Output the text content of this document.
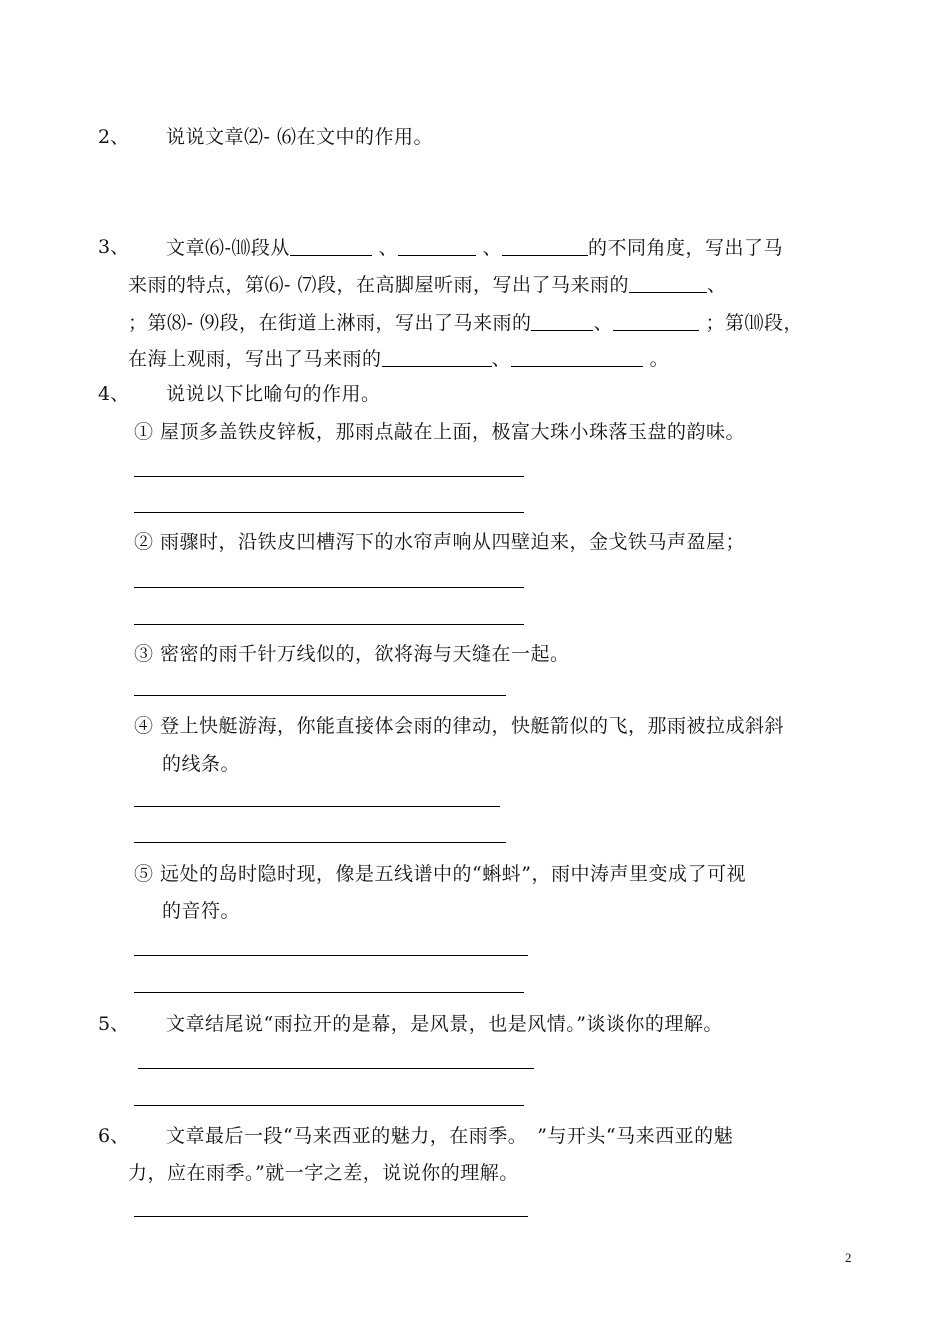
2、 说说文章⑵- ⑹在文中的作用。
3、 文章⑹-⑽段从	、	、	的不同角度，写出了马
来雨的特点，第⑹- ⑺段，在高脚屋听雨，写出了马来雨的	、
；第⑻- ⑼段，在街道上淋雨，写出了马来雨的	、	；第⑽段，
在海上观雨，写出了马来雨的	、	。
4、 说说以下比喻句的作用。
① 屋顶多盖铁皮锌板，那雨点敲在上面，极富大珠小珠落玉盘的韵味。
② 雨骤时，沿铁皮凹槽泻下的水帘声响从四壁迫来，金戈铁马声盈屋；
③ 密密的雨千针万线似的，欲将海与天缝在一起。
④ 登上快艇游海，你能直接体会雨的律动，快艇箭似的飞，那雨被拉成斜斜
的线条。
⑤ 远处的岛时隐时现，像是五线谱中的“蝌蚪”，雨中涛声里变成了可视
的音符。
5、 文章结尾说“雨拉开的是幕，是风景，也是风情。”谈谈你的理解。
6、 文章最后一段“马来西亚的魅力，在雨季。　”与开头“马来西亚的魅
力，应在雨季。”就一字之差，说说你的理解。
2
